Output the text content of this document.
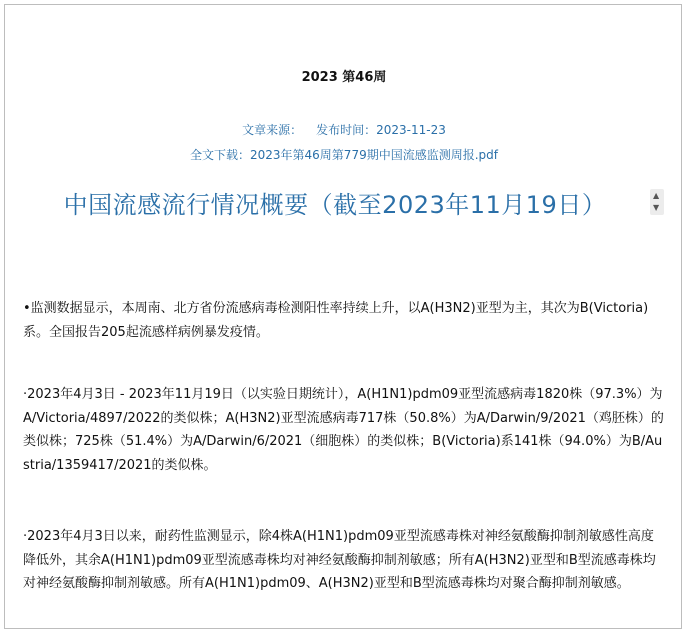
2023 第46周
文章来源： 发布时间：2023-11-23
全文下载：2023年第46周第779期中国流感监测周报.pdf
中国流感流行情况概要（截至2023年11月19日）	▲
▼
•监测数据显示，本周南、北方省份流感病毒检测阳性率持续上升，以A(H3N2)亚型为主，其次为B(Victoria)系。全国报告205起流感样病例暴发疫情。
·2023年4月3日 - 2023年11月19日（以实验日期统计），A(H1N1)pdm09亚型流感病毒1820株（97.3%）为A/Victoria/4897/2022的类似株；A(H3N2)亚型流感病毒717株（50.8%）为A/Darwin/9/2021（鸡胚株）的类似株；725株（51.4%）为A/Darwin/6/2021（细胞株）的类似株；B(Victoria)系141株（94.0%）为B/Austria/1359417/2021的类似株。
·2023年4月3日以来，耐药性监测显示，除4株A(H1N1)pdm09亚型流感毒株对神经氨酸酶抑制剂敏感性高度降低外，其余A(H1N1)pdm09亚型流感毒株均对神经氨酸酶抑制剂敏感；所有A(H3N2)亚型和B型流感毒株均对神经氨酸酶抑制剂敏感。所有A(H1N1)pdm09、A(H3N2)亚型和B型流感毒株均对聚合酶抑制剂敏感。
